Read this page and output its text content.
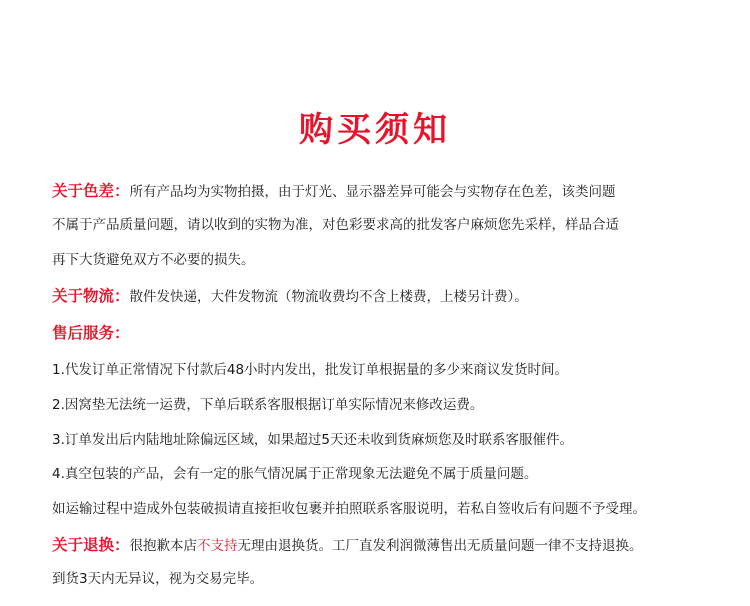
购买须知
关于色差：所有产品均为实物拍摄，由于灯光、显示器差异可能会与实物存在色差，该类问题
不属于产品质量问题，请以收到的实物为准，对色彩要求高的批发客户麻烦您先采样，样品合适
再下大货避免双方不必要的损失。
关于物流：散件发快递，大件发物流（物流收费均不含上楼费，上楼另计费）。
售后服务：
1.代发订单正常情况下付款后48小时内发出，批发订单根据量的多少来商议发货时间。
2.因窝垫无法统一运费，下单后联系客服根据订单实际情况来修改运费。
3.订单发出后内陆地址除偏远区域，如果超过5天还未收到货麻烦您及时联系客服催件。
4.真空包装的产品，会有一定的胀气情况属于正常现象无法避免不属于质量问题。
如运输过程中造成外包装破损请直接拒收包裹并拍照联系客服说明，若私自签收后有问题不予受理。
关于退换：很抱歉本店不支持无理由退换货。工厂直发利润微薄售出无质量问题一律不支持退换。
到货3天内无异议，视为交易完毕。
